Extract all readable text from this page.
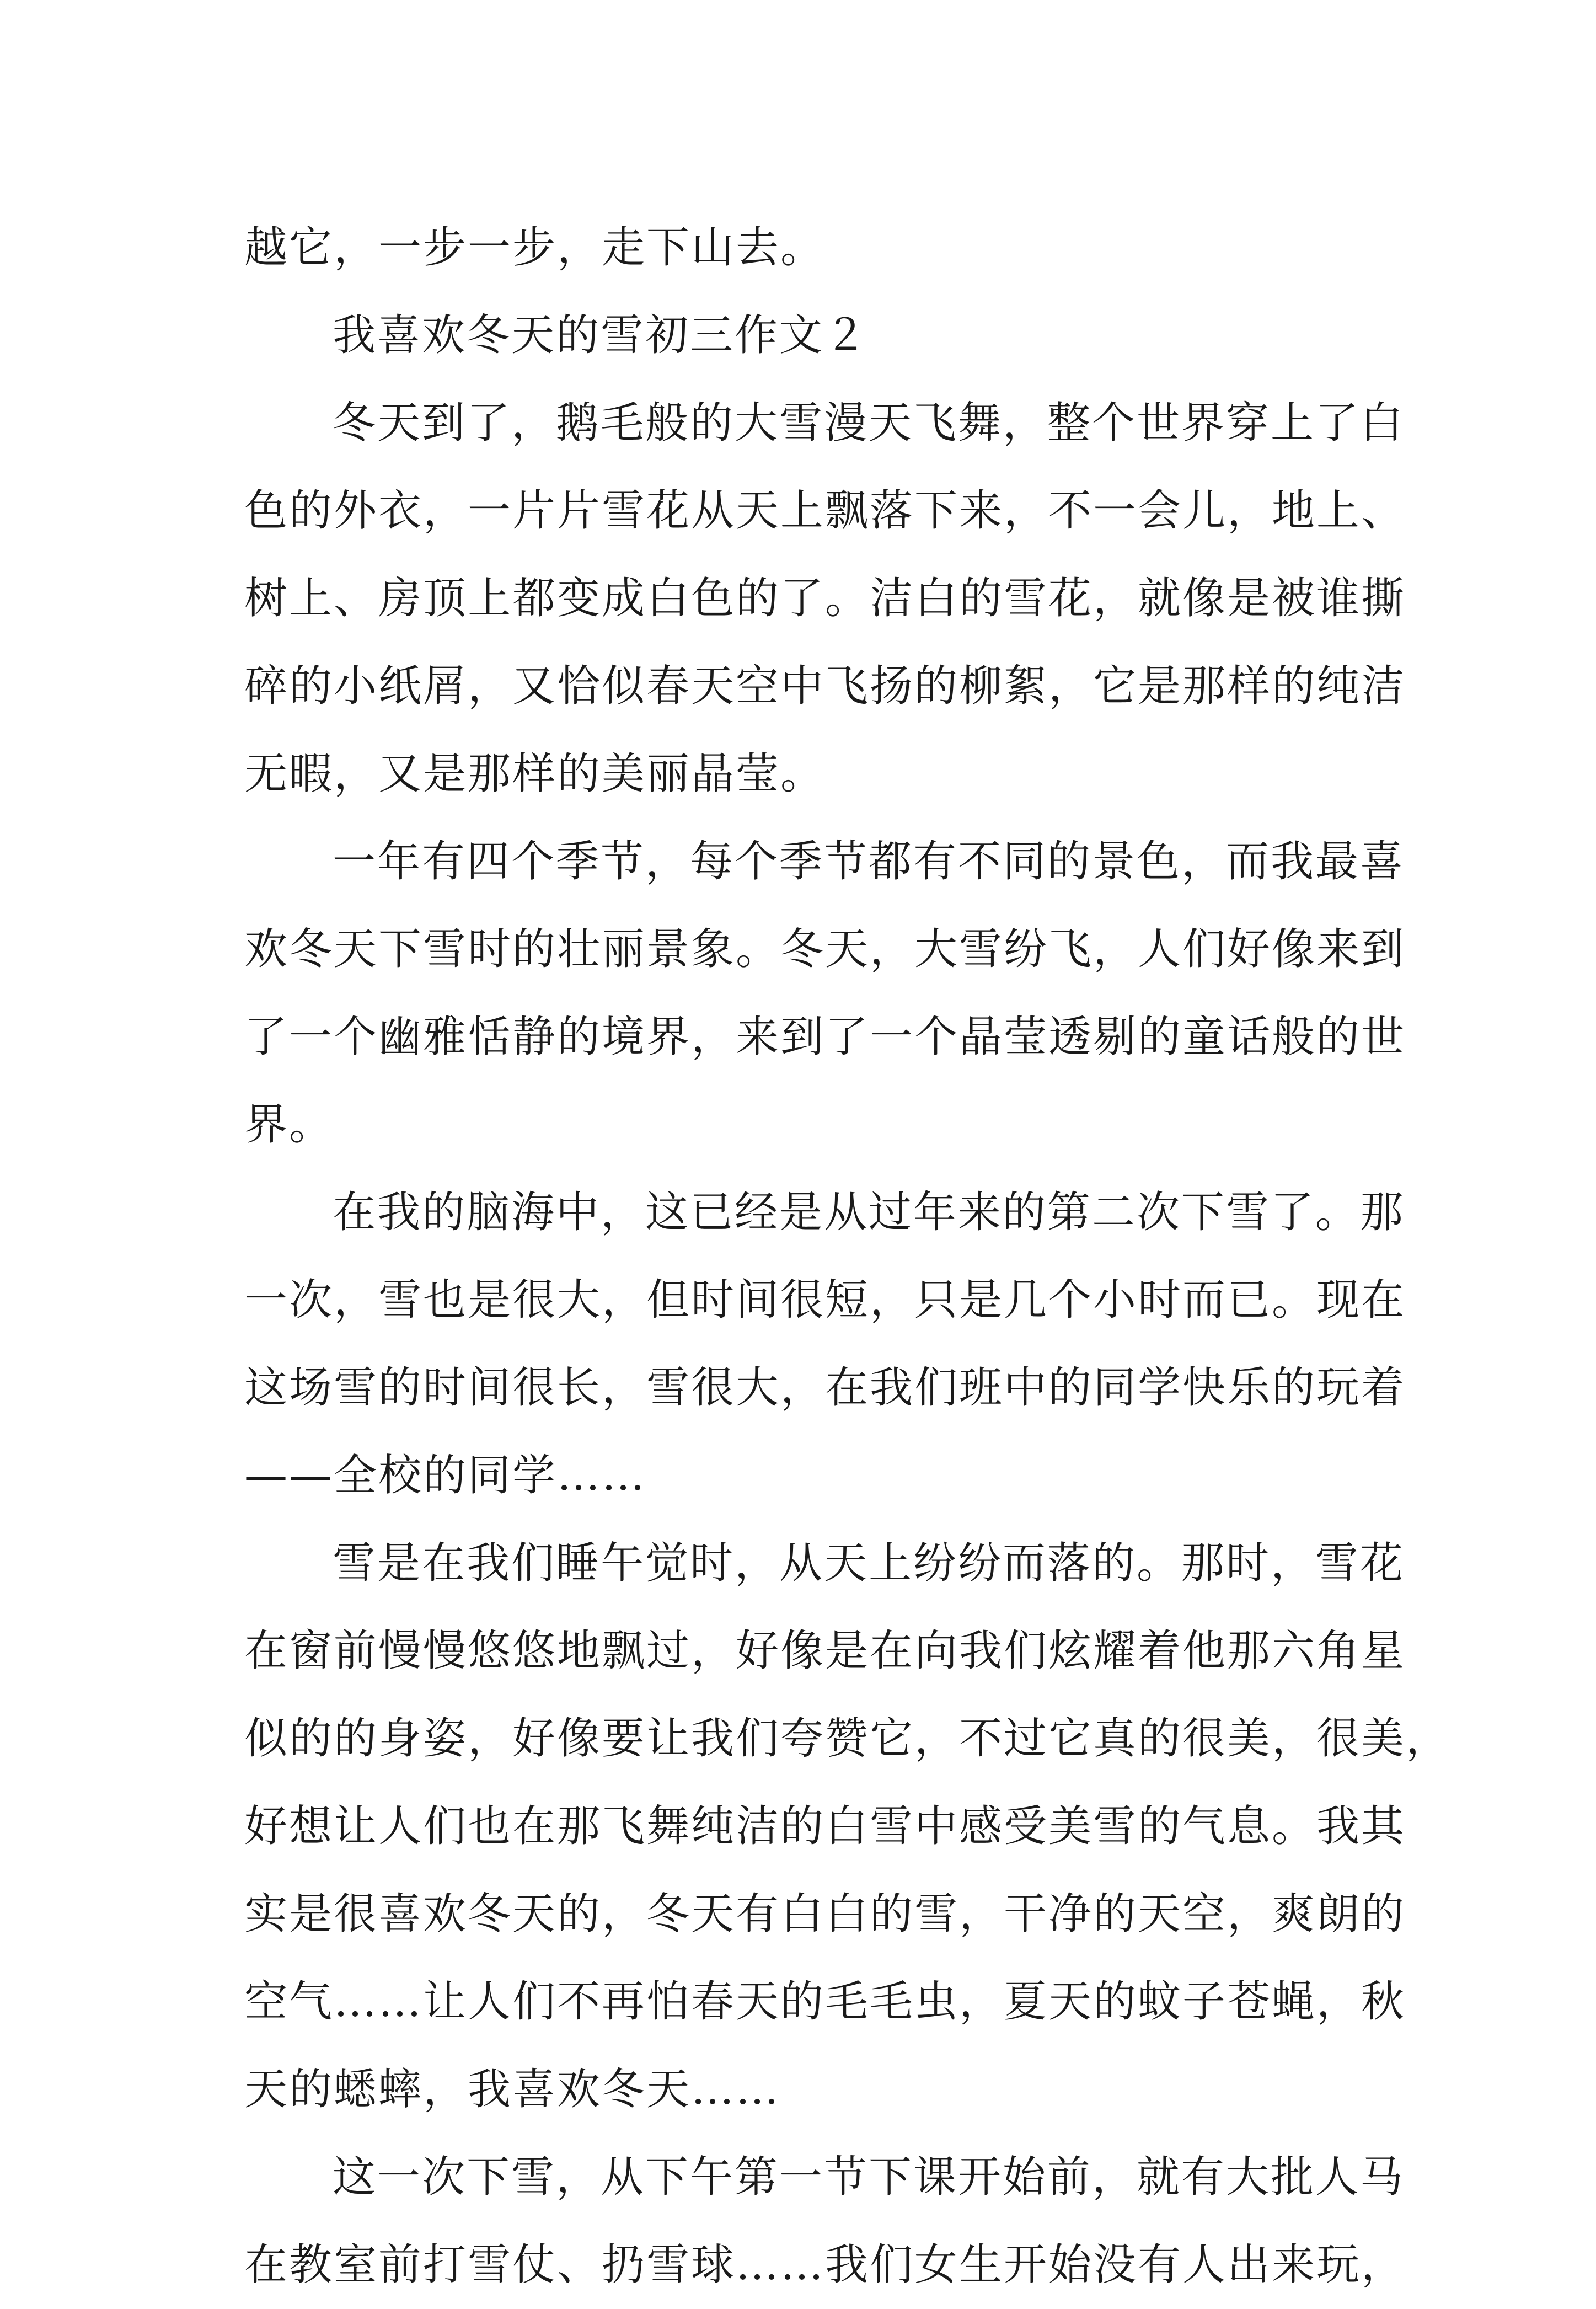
越它，一步一步，走下山去。
我喜欢冬天的雪初三作文２
冬天到了，鹅毛般的大雪漫天飞舞，整个世界穿上了白
色的外衣，一片片雪花从天上飘落下来，不一会儿，地上、
树上、房顶上都变成白色的了。洁白的雪花，就像是被谁撕
碎的小纸屑，又恰似春天空中飞扬的柳絮，它是那样的纯洁
无暇，又是那样的美丽晶莹。
一年有四个季节，每个季节都有不同的景色，而我最喜
欢冬天下雪时的壮丽景象。冬天，大雪纷飞，人们好像来到
了一个幽雅恬静的境界，来到了一个晶莹透剔的童话般的世
界。
在我的脑海中，这已经是从过年来的第二次下雪了。那
一次，雪也是很大，但时间很短，只是几个小时而已。现在
这场雪的时间很长，雪很大，在我们班中的同学快乐的玩着
——全校的同学……
雪是在我们睡午觉时，从天上纷纷而落的。那时，雪花
在窗前慢慢悠悠地飘过，好像是在向我们炫耀着他那六角星
似的的身姿，好像要让我们夸赞它，不过它真的很美，很美，
好想让人们也在那飞舞纯洁的白雪中感受美雪的气息。我其
实是很喜欢冬天的，冬天有白白的雪，干净的天空，爽朗的
空气……让人们不再怕春天的毛毛虫，夏天的蚊子苍蝇，秋
天的蟋蟀，我喜欢冬天……
这一次下雪，从下午第一节下课开始前，就有大批人马
在教室前打雪仗、扔雪球……我们女生开始没有人出来玩，
